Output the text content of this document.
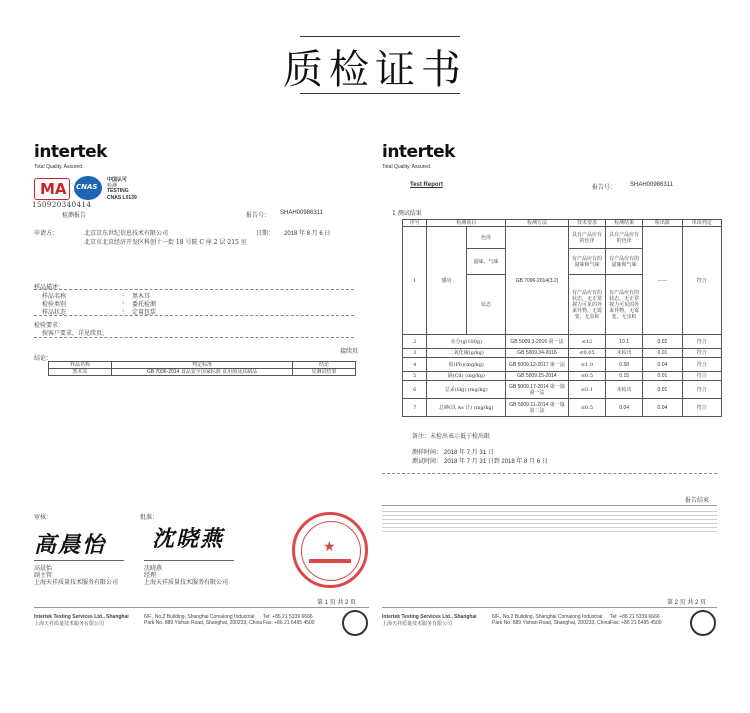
质检证书
intertek
Total Quality. Assured.
MA CNAS
中国认可
检测
TESTING
CNAS L0139
150920340414
检测报告	报告号： SHAH00986311
申请方：	北京京东世纪信息技术有限公司
北京市北京经济开发区科创十一街 18 号院 C 座 2 层 215 室
日期： 2018 年 8 月 6 日
样品描述：
样品名称	: 黑木耳
检验类别	: 委托检测
样品状态	: 定量包装
检验要求：
按客户要求，详见续页。
接续页
结论：
样品名称	判定标准	结论
黑木耳	GB 7096-2014 食品安全国家标准 食用菌及其制品	见测试结果
审核：	批准：
高晨怡 沈晓燕
高晨怡
副主管
上海天祥质量技术服务有限公司
沈晓燕
经理
上海天祥质量技术服务有限公司
★
第 1 页 共 2 页
Intertek Testing Services Ltd., Shanghai
上海天祥质量技术服务有限公司
6/F., No.2 Building, Shanghai Comalong Industrial
Park No. 889 Yishan Road, Shanghai, 200233, China
Tel: +86 21 5339 6666
Fax: +86 21 6495 4500
intertek
Total Quality. Assured.
Test Report	报告号： SHAH00986311
1 测试结果
序号	检测项目		检测方法	技术要求	检测结果	检出限	单项判定
1	感官	色泽	GB 7096-2014(3.2)	具有产品应有的色泽	具有产品应有的色泽	——	符合
		滋味、气味		有产品应有的滋味和气味	有产品应有的滋味和气味		
		状态		有产品应有的状态，无正常视力可见的外来异物，无霉变，无虫蛀	有产品应有的状态，无正常视力可见的外来异物，无霉变，无虫蛀		
2	水分(g/100g)		GB 5009.3-2016 第一法	≤12	10.1	0.02	符合
3	二氧化硫(g/kg)		GB 5009.34-2016	≤0.05	未检出	0.01	符合
4	铅(Pb)(mg/kg)		GB 5009.12-2017 第一法	≤1.0	0.58	0.04	符合
5	镉(Cd) (mg/kg)		GB 5009.15-2014	≤0.5	0.15	0.01	符合
6	总汞(Hg) (mg/kg)		GB 5009.17-2014 第一篇 第一法	≤0.1	未检出	0.01	符合
7	总砷(以 As 计) (mg/kg)		GB 5009.11-2014 第一篇 第二法	≤0.5	0.04	0.04	符合
备注：未检出表示低于检出限
测样时间： 2018 年 7 月 31 日
测试时间： 2018 年 7 月 31 日到 2018 年 8 月 6 日
报告结束
第 2 页 共 2 页
Intertek Testing Services Ltd., Shanghai
上海天祥质量技术服务有限公司
6/F., No.2 Building, Shanghai Comalong Industrial
Park No. 889 Yishan Road, Shanghai, 200233, China
Tel: +86 21 5339 6666
Fax: +86 21 6495 4500
